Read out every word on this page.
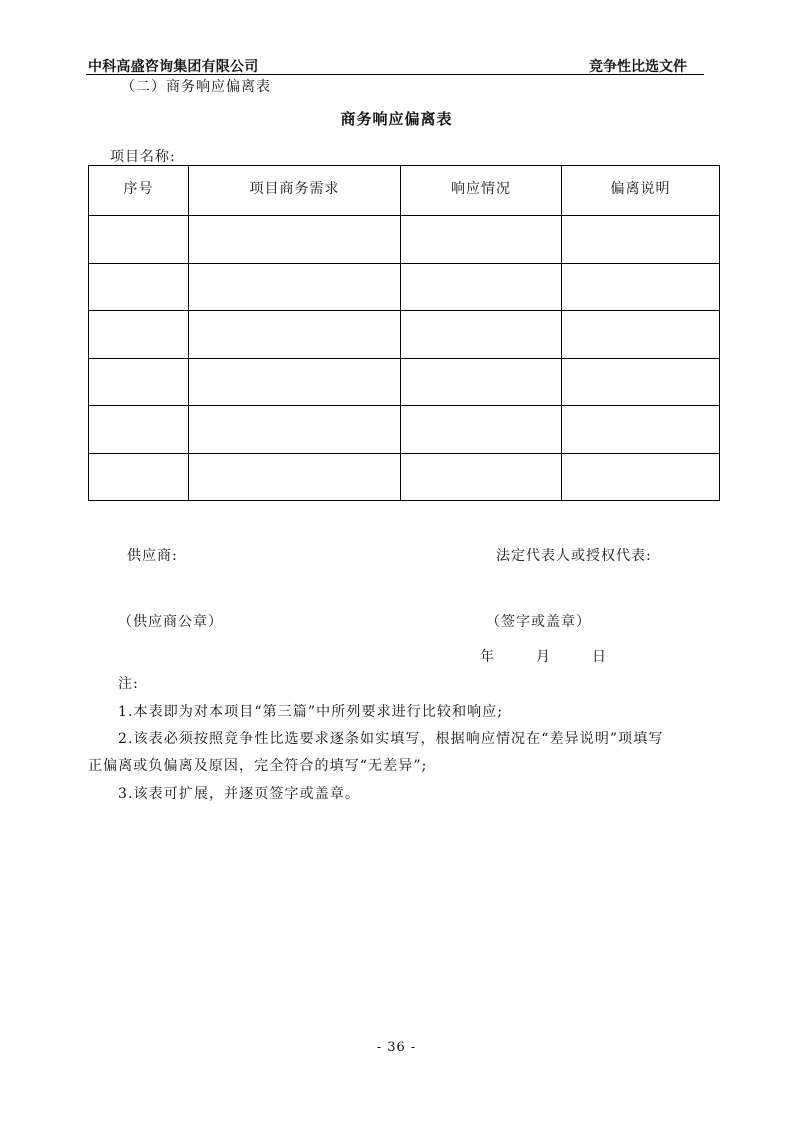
中科高盛咨询集团有限公司	竞争性比选文件
（二）商务响应偏离表
商务响应偏离表
项目名称:
序号	项目商务需求	响应情况	偏离说明

供应商:	法定代表人或授权代表:
（供应商公章）	（签字或盖章）
年	月	日
注:
1.本表即为对本项目“第三篇”中所列要求进行比较和响应;
2.该表必须按照竞争性比选要求逐条如实填写，根据响应情况在“差异说明”项填写
正偏离或负偏离及原因，完全符合的填写“无差异”;
3.该表可扩展，并逐页签字或盖章。
- 36 -
